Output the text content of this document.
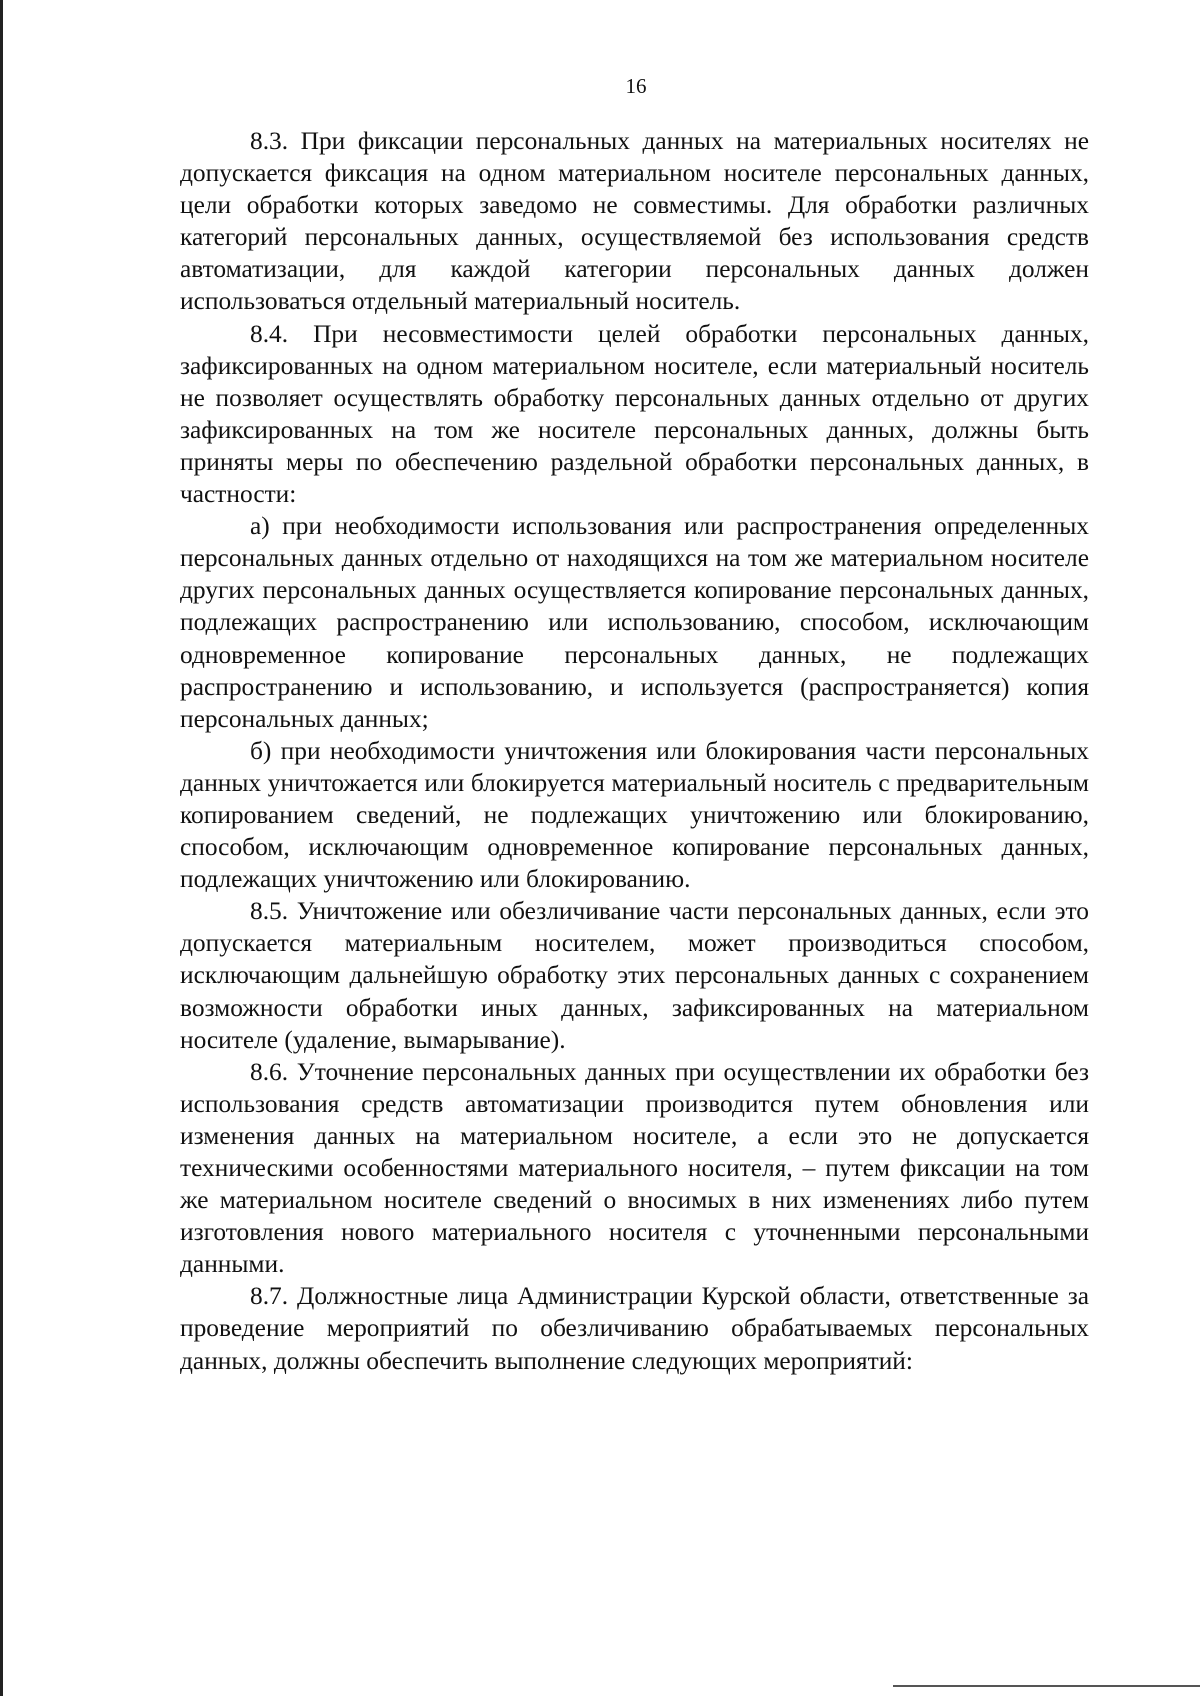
16

8.3. При фиксации персональных данных на материальных носителях не допускается фиксация на одном материальном носителе персональных данных, цели обработки которых заведомо не совместимы. Для обработки различных категорий персональных данных, осуществляемой без использования средств автоматизации, для каждой категории персональных данных должен использоваться отдельный материальный носитель.

8.4. При несовместимости целей обработки персональных данных, зафиксированных на одном материальном носителе, если материальный носитель не позволяет осуществлять обработку персональных данных отдельно от других зафиксированных на том же носителе персональных данных, должны быть приняты меры по обеспечению раздельной обработки персональных данных, в частности:

а) при необходимости использования или распространения определенных персональных данных отдельно от находящихся на том же материальном носителе других персональных данных осуществляется копирование персональных данных, подлежащих распространению или использованию, способом, исключающим одновременное копирование персональных данных, не подлежащих распространению и использованию, и используется (распространяется) копия персональных данных;

б) при необходимости уничтожения или блокирования части персональных данных уничтожается или блокируется материальный носитель с предварительным копированием сведений, не подлежащих уничтожению или блокированию, способом, исключающим одновременное копирование персональных данных, подлежащих уничтожению или блокированию.

8.5. Уничтожение или обезличивание части персональных данных, если это допускается материальным носителем, может производиться способом, исключающим дальнейшую обработку этих персональных данных с сохранением возможности обработки иных данных, зафиксированных на материальном носителе (удаление, вымарывание).

8.6. Уточнение персональных данных при осуществлении их обработки без использования средств автоматизации производится путем обновления или изменения данных на материальном носителе, а если это не допускается техническими особенностями материального носителя, – путем фиксации на том же материальном носителе сведений о вносимых в них изменениях либо путем изготовления нового материального носителя с уточненными персональными данными.

8.7. Должностные лица Администрации Курской области, ответственные за проведение мероприятий по обезличиванию обрабатываемых персональных данных, должны обеспечить выполнение следующих мероприятий:
